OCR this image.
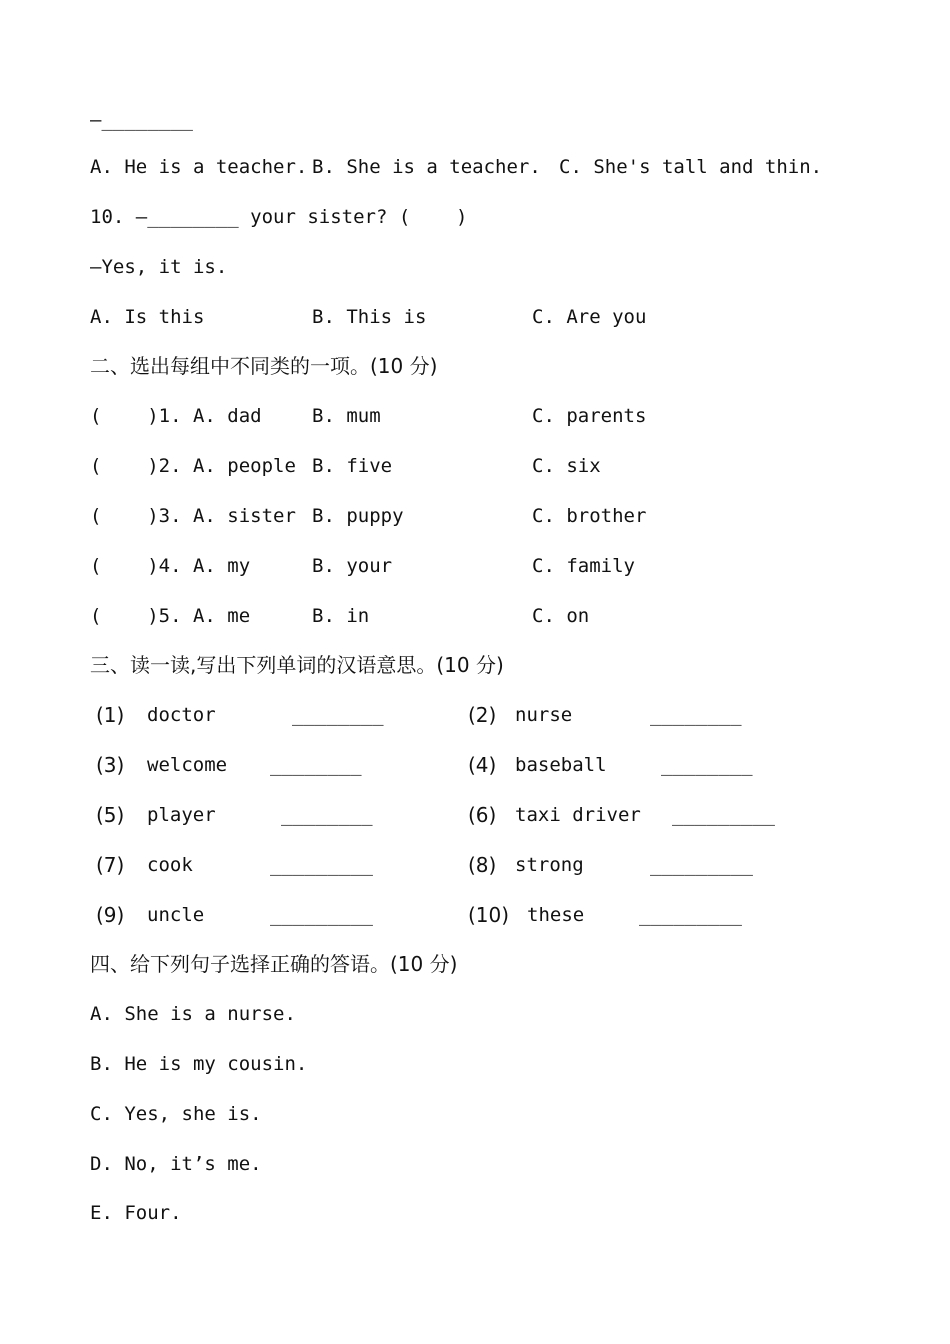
—________
A. He is a teacher. B. She is a teacher. C. She's tall and thin.
10. —________ your sister? (    )
—Yes, it is.
A. Is this	B. This is	C. Are you
二、选出每组中不同类的一项。(10 分)
(    )1. A. dad	B. mum	C. parents
(    )2. A. people B. five	C. six
(    )3. A. sister B. puppy	C. brother
(    )4. A. my	B. your	C. family
(    )5. A. me	B. in	C. on
三、读一读,写出下列单词的汉语意思。(10 分)
(1) doctor	________	(2) nurse	________
(3) welcome ________	(4) baseball	________
(5) player	________	(6) taxi driver _________
(7) cook	_________	(8) strong	_________
(9) uncle	_________	(10) these	_________
四、给下列句子选择正确的答语。(10 分)
A. She is a nurse.
B. He is my cousin.
C. Yes, she is.
D. No, it’s me.
E. Four.
